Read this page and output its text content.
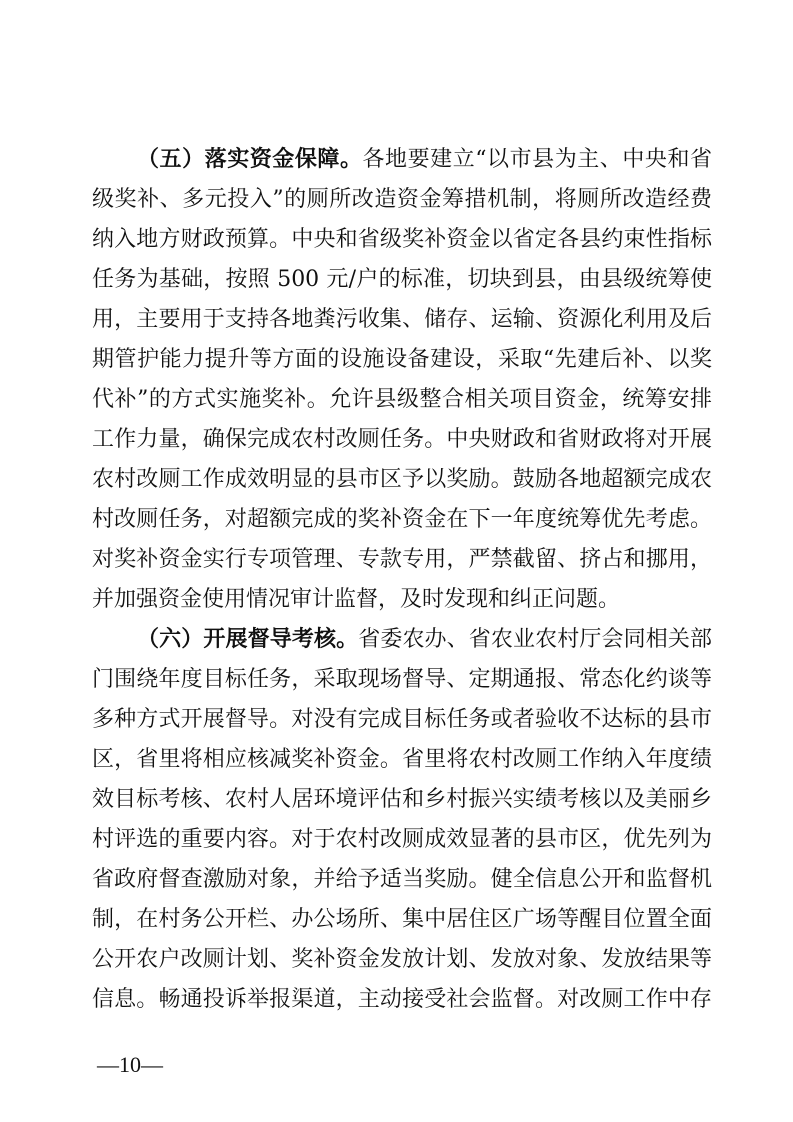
（五）落实资金保障。各地要建立“以市县为主、中央和省
级奖补、多元投入”的厕所改造资金筹措机制，将厕所改造经费
纳入地方财政预算。中央和省级奖补资金以省定各县约束性指标
任务为基础，按照 500 元/户的标准，切块到县，由县级统筹使
用，主要用于支持各地粪污收集、储存、运输、资源化利用及后
期管护能力提升等方面的设施设备建设，采取“先建后补、以奖
代补”的方式实施奖补。允许县级整合相关项目资金，统筹安排
工作力量，确保完成农村改厕任务。中央财政和省财政将对开展
农村改厕工作成效明显的县市区予以奖励。鼓励各地超额完成农
村改厕任务，对超额完成的奖补资金在下一年度统筹优先考虑。
对奖补资金实行专项管理、专款专用，严禁截留、挤占和挪用，
并加强资金使用情况审计监督，及时发现和纠正问题。
（六）开展督导考核。省委农办、省农业农村厅会同相关部
门围绕年度目标任务，采取现场督导、定期通报、常态化约谈等
多种方式开展督导。对没有完成目标任务或者验收不达标的县市
区，省里将相应核减奖补资金。省里将农村改厕工作纳入年度绩
效目标考核、农村人居环境评估和乡村振兴实绩考核以及美丽乡
村评选的重要内容。对于农村改厕成效显著的县市区，优先列为
省政府督查激励对象，并给予适当奖励。健全信息公开和监督机
制，在村务公开栏、办公场所、集中居住区广场等醒目位置全面
公开农户改厕计划、奖补资金发放计划、发放对象、发放结果等
信息。畅通投诉举报渠道，主动接受社会监督。对改厕工作中存
—10—
